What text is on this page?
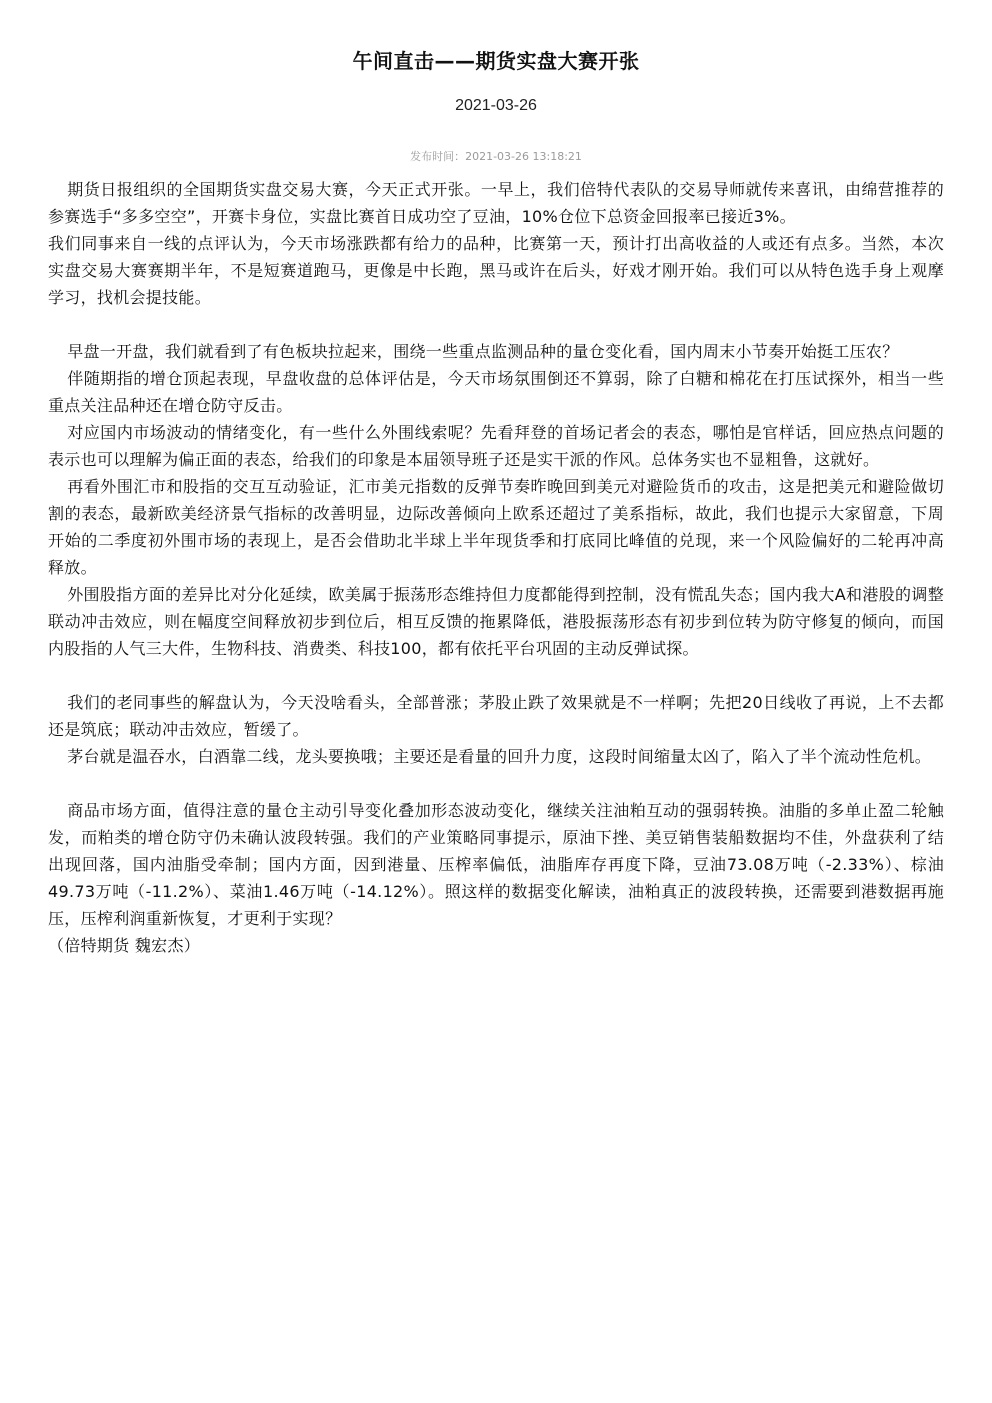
午间直击——期货实盘大赛开张
2021-03-26
发布时间：2021-03-26 13:18:21

期货日报组织的全国期货实盘交易大赛，今天正式开张。一早上，我们倍特代表队的交易导师就传来喜讯，由绵营推荐的参赛选手“多多空空”，开赛卡身位，实盘比赛首日成功空了豆油，10%仓位下总资金回报率已接近3%。

我们同事来自一线的点评认为，今天市场涨跌都有给力的品种，比赛第一天，预计打出高收益的人或还有点多。当然，本次实盘交易大赛赛期半年，不是短赛道跑马，更像是中长跑，黑马或许在后头，好戏才刚开始。我们可以从特色选手身上观摩学习，找机会提技能。

早盘一开盘，我们就看到了有色板块拉起来，围绕一些重点监测品种的量仓变化看，国内周末小节奏开始挺工压农？

伴随期指的增仓顶起表现，早盘收盘的总体评估是，今天市场氛围倒还不算弱，除了白糖和棉花在打压试探外，相当一些重点关注品种还在增仓防守反击。

对应国内市场波动的情绪变化，有一些什么外围线索呢？先看拜登的首场记者会的表态，哪怕是官样话，回应热点问题的表示也可以理解为偏正面的表态，给我们的印象是本届领导班子还是实干派的作风。总体务实也不显粗鲁，这就好。

再看外围汇市和股指的交互互动验证，汇市美元指数的反弹节奏昨晚回到美元对避险货币的攻击，这是把美元和避险做切割的表态，最新欧美经济景气指标的改善明显，边际改善倾向上欧系还超过了美系指标，故此，我们也提示大家留意，下周开始的二季度初外围市场的表现上，是否会借助北半球上半年现货季和打底同比峰值的兑现，来一个风险偏好的二轮再冲高释放。

外围股指方面的差异比对分化延续，欧美属于振荡形态维持但力度都能得到控制，没有慌乱失态；国内我大A和港股的调整联动冲击效应，则在幅度空间释放初步到位后，相互反馈的拖累降低，港股振荡形态有初步到位转为防守修复的倾向，而国内股指的人气三大件，生物科技、消费类、科技100，都有依托平台巩固的主动反弹试探。

我们的老同事些的解盘认为，今天没啥看头，全部普涨；茅股止跌了效果就是不一样啊；先把20日线收了再说，上不去都还是筑底；联动冲击效应，暂缓了。

茅台就是温吞水，白酒靠二线，龙头要换哦；主要还是看量的回升力度，这段时间缩量太凶了，陷入了半个流动性危机。

商品市场方面，值得注意的量仓主动引导变化叠加形态波动变化，继续关注油粕互动的强弱转换。油脂的多单止盈二轮触发，而粕类的增仓防守仍未确认波段转强。我们的产业策略同事提示，原油下挫、美豆销售装船数据均不佳，外盘获利了结出现回落，国内油脂受牵制；国内方面，因到港量、压榨率偏低，油脂库存再度下降，豆油73.08万吨（-2.33%）、棕油49.73万吨（-11.2%）、菜油1.46万吨（-14.12%）。照这样的数据变化解读，油粕真正的波段转换，还需要到港数据再施压，压榨利润重新恢复，才更利于实现？

（倍特期货 魏宏杰）
